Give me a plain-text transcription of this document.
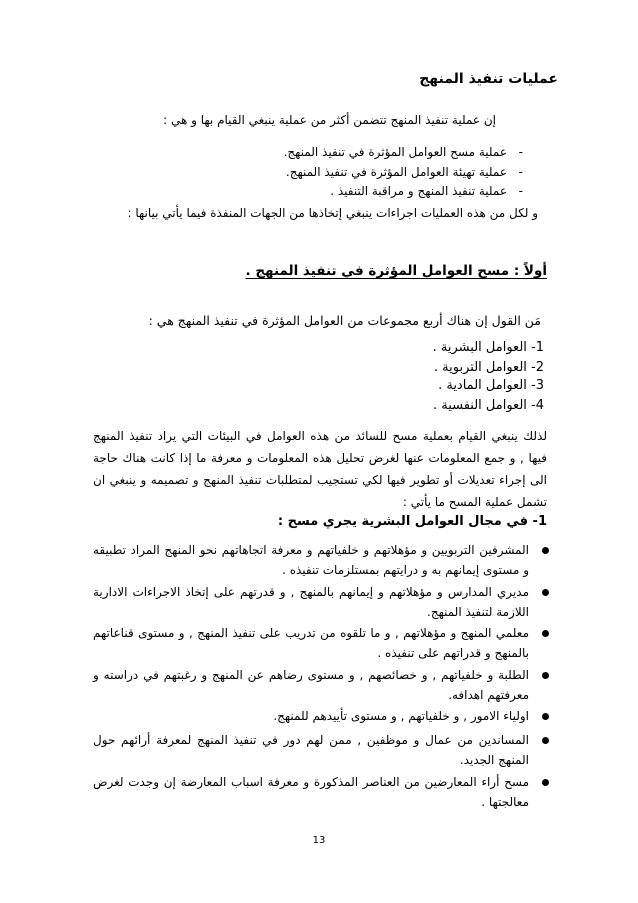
عمليات تنفيذ المنهج
إن عملية تنفيذ المنهج تتضمن أكثر من عملية ينبغي القيام بها و هي :
-عملية مسح العوامل المؤثرة في تنفيذ المنهج.
-عملية تهيئة العوامل المؤثرة في تنفيذ المنهج.
-عملية تنفيذ المنهج و مراقبة التنفيذ .
و لكل من هذه العمليات اجراءات ينبغي إتخاذها من الجهات المنفذة فيما يأتي بيانها :
أولاً : مسح العوامل المؤثرة في تنفيذ المنهج .
مَن القول إن هناك أربع مجموعات من العوامل المؤثرة في تنفيذ المنهج هي :
1- العوامل البشرية .
2- العوامل التربوية .
3- العوامل المادية .
4- العوامل النفسية .
لذلك ينبغي القيام بعملية مسح للسائد من هذه العوامل في البيئات التي يراد تنفيذ المنهج فيها , و جمع المعلومات عنها لغرض تحليل هذه المعلومات و معرفة ما إذا كانت هناك حاجة الى إجراء تعديلات أو تطوير فيها لكي تستجيب لمتطلبات تنفيذ المنهج و تصميمه و ينبغي ان تشمل عملية المسح ما يأتي :
1- في مجال العوامل البشرية يجري مسح :
المشرفين التربويين و مؤهلاتهم و خلفياتهم و معرفة اتجاهاتهم نحو المنهج المراد تطبيقه و مستوى إيمانهم به و درايتهم بمستلزمات تنفيذه .
مديري المدارس و مؤهلاتهم و إيمانهم بالمنهج , و قدرتهم على إتخاذ الاجراءات الادارية اللازمة لتنفيذ المنهج.
معلمي المنهج و مؤهلاتهم , و ما تلقوه من تدريب على تنفيذ المنهج , و مستوى قناعاتهم بالمنهج و قدراتهم على تنفيذه .
الطلبة و خلفياتهم , و خصائصهم , و مستوى رضاهم عن المنهج و رغبتهم في دراسته و معرفتهم اهدافه.
اولياء الامور , و خلفياتهم , و مستوى تأييدهم للمنهج.
المساندين من عمال و موظفين , ممن لهم دور في تنفيذ المنهج لمعرفة أرائهم حول المنهج الجديد.
مسح أراء المعارضين من العناصر المذكورة و معرفة اسباب المعارضة إن وجدت لغرض معالجتها .
13
